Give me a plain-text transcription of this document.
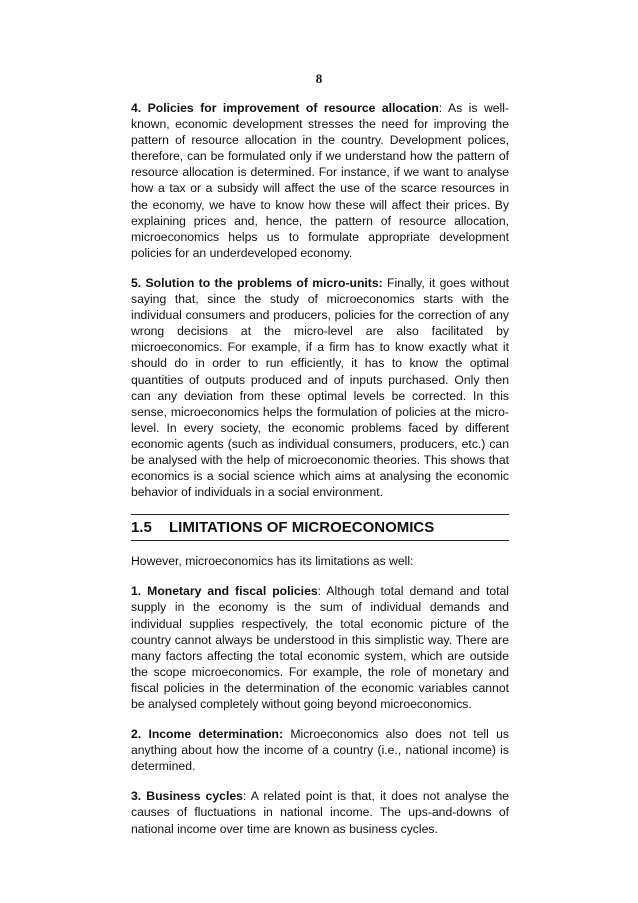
8

4. Policies for improvement of resource allocation: As is well-known, economic development stresses the need for improving the pattern of resource allocation in the country. Development polices, therefore, can be formulated only if we understand how the pattern of resource allocation is determined. For instance, if we want to analyse how a tax or a subsidy will affect the use of the scarce resources in the economy, we have to know how these will affect their prices. By explaining prices and, hence, the pattern of resource allocation, microeconomics helps us to formulate appropriate development policies for an underdeveloped economy.

5. Solution to the problems of micro-units: Finally, it goes without saying that, since the study of microeconomics starts with the individual consumers and producers, policies for the correction of any wrong decisions at the micro-level are also facilitated by microeconomics. For example, if a firm has to know exactly what it should do in order to run efficiently, it has to know the optimal quantities of outputs produced and of inputs purchased. Only then can any deviation from these optimal levels be corrected. In this sense, microeconomics helps the formulation of policies at the micro-level. In every society, the economic problems faced by different economic agents (such as individual consumers, producers, etc.) can be analysed with the help of microeconomic theories. This shows that economics is a social science which aims at analysing the economic behavior of individuals in a social environment.

1.5 LIMITATIONS OF MICROECONOMICS

However, microeconomics has its limitations as well:

1. Monetary and fiscal policies: Although total demand and total supply in the economy is the sum of individual demands and individual supplies respectively, the total economic picture of the country cannot always be understood in this simplistic way. There are many factors affecting the total economic system, which are outside the scope microeconomics. For example, the role of monetary and fiscal policies in the determination of the economic variables cannot be analysed completely without going beyond microeconomics.

2. Income determination: Microeconomics also does not tell us anything about how the income of a country (i.e., national income) is determined.

3. Business cycles: A related point is that, it does not analyse the causes of fluctuations in national income. The ups-and-downs of national income over time are known as business cycles.
